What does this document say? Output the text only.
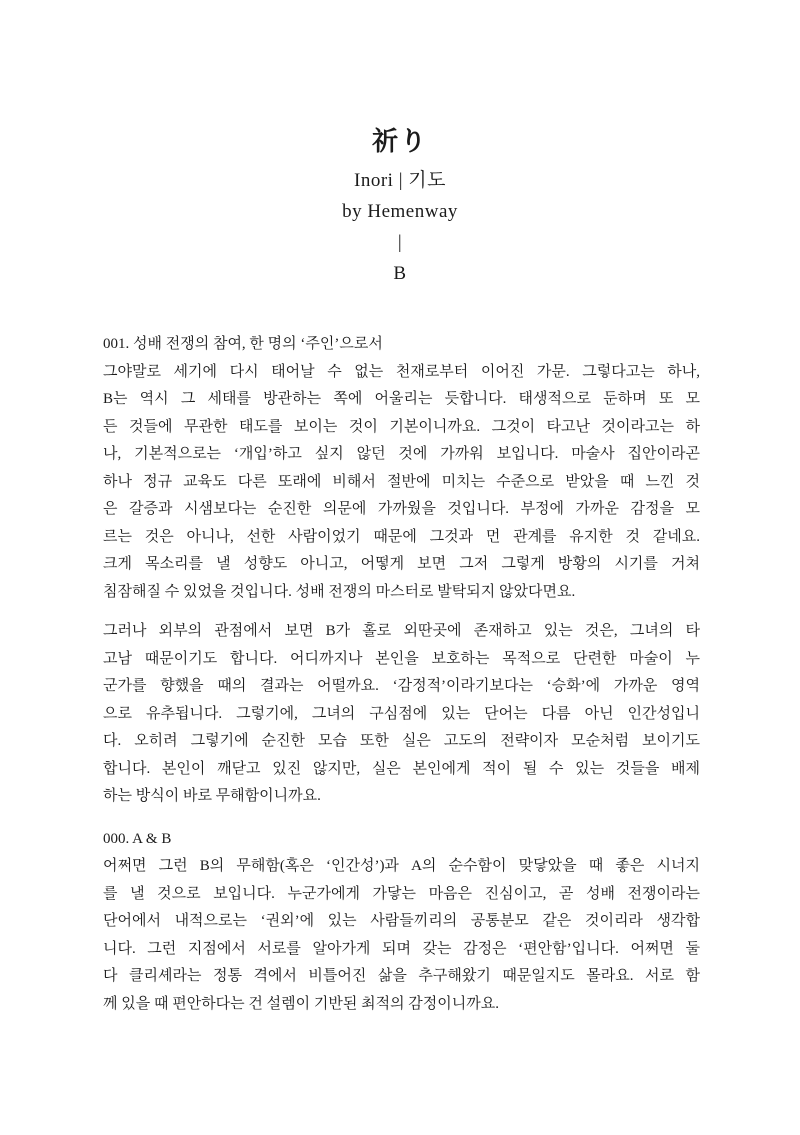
祈り
Inori | 기도
by Hemenway
|
B
001. 성배 전쟁의 참여, 한 명의 ‘주인’으로서
그야말로 세기에 다시 태어날 수 없는 천재로부터 이어진 가문. 그렇다고는 하나,
B는 역시 그 세태를 방관하는 쪽에 어울리는 듯합니다. 태생적으로 둔하며 또 모
든 것들에 무관한 태도를 보이는 것이 기본이니까요. 그것이 타고난 것이라고는 하
나, 기본적으로는 ‘개입’하고 싶지 않던 것에 가까워 보입니다. 마술사 집안이라곤
하나 정규 교육도 다른 또래에 비해서 절반에 미치는 수준으로 받았을 때 느낀 것
은 갈증과 시샘보다는 순진한 의문에 가까웠을 것입니다. 부정에 가까운 감정을 모
르는 것은 아니나, 선한 사람이었기 때문에 그것과 먼 관계를 유지한 것 같네요.
크게 목소리를 낼 성향도 아니고, 어떻게 보면 그저 그렇게 방황의 시기를 거쳐
침잠해질 수 있었을 것입니다. 성배 전쟁의 마스터로 발탁되지 않았다면요.
그러나 외부의 관점에서 보면 B가 홀로 외딴곳에 존재하고 있는 것은, 그녀의 타
고남 때문이기도 합니다. 어디까지나 본인을 보호하는 목적으로 단련한 마술이 누
군가를 향했을 때의 결과는 어떨까요. ‘감정적’이라기보다는 ‘승화’에 가까운 영역
으로 유추됩니다. 그렇기에, 그녀의 구심점에 있는 단어는 다름 아닌 인간성입니
다. 오히려 그렇기에 순진한 모습 또한 실은 고도의 전략이자 모순처럼 보이기도
합니다. 본인이 깨닫고 있진 않지만, 실은 본인에게 적이 될 수 있는 것들을 배제
하는 방식이 바로 무해함이니까요.
000. A & B
어쩌면 그런 B의 무해함(혹은 ‘인간성’)과 A의 순수함이 맞닿았을 때 좋은 시너지
를 낼 것으로 보입니다. 누군가에게 가닿는 마음은 진심이고, 곧 성배 전쟁이라는
단어에서 내적으로는 ‘권외’에 있는 사람들끼리의 공통분모 같은 것이리라 생각합
니다. 그런 지점에서 서로를 알아가게 되며 갖는 감정은 ‘편안함’입니다. 어쩌면 둘
다 클리셰라는 정통 격에서 비틀어진 삶을 추구해왔기 때문일지도 몰라요. 서로 함
께 있을 때 편안하다는 건 설렘이 기반된 최적의 감정이니까요.
